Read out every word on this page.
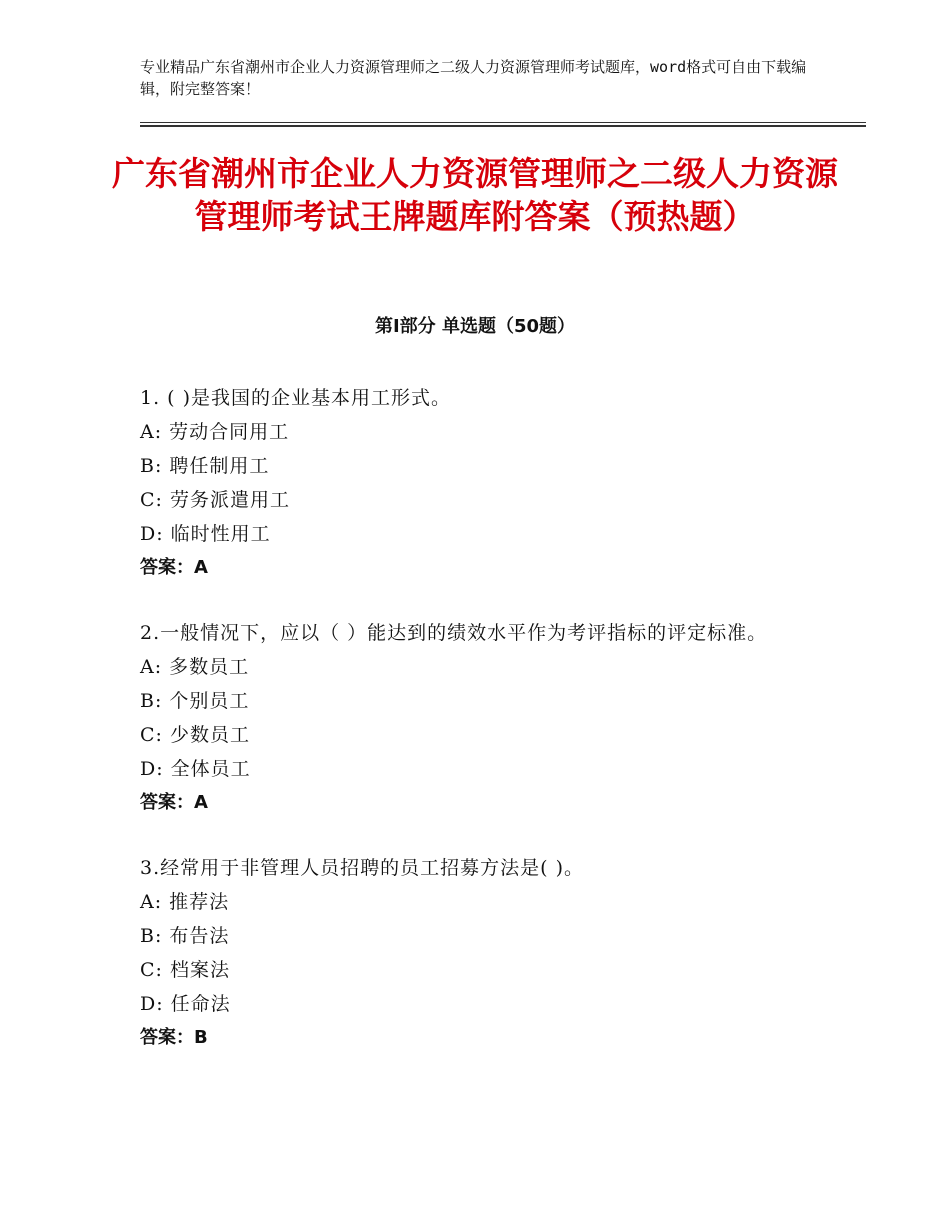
专业精品广东省潮州市企业人力资源管理师之二级人力资源管理师考试题库，word格式可自由下载编辑，附完整答案！
广东省潮州市企业人力资源管理师之二级人力资源管理师考试王牌题库附答案（预热题）
第Ⅰ部分 单选题（50题）

1. ( )是我国的企业基本用工形式。

A: 劳动合同用工

B: 聘任制用工

C: 劳务派遣用工

D: 临时性用工

答案：A

2.一般情况下，应以（ ）能达到的绩效水平作为考评指标的评定标准。

A: 多数员工

B: 个别员工

C: 少数员工

D: 全体员工

答案：A

3.经常用于非管理人员招聘的员工招募方法是( )。

A: 推荐法

B: 布告法

C: 档案法

D: 任命法

答案：B
